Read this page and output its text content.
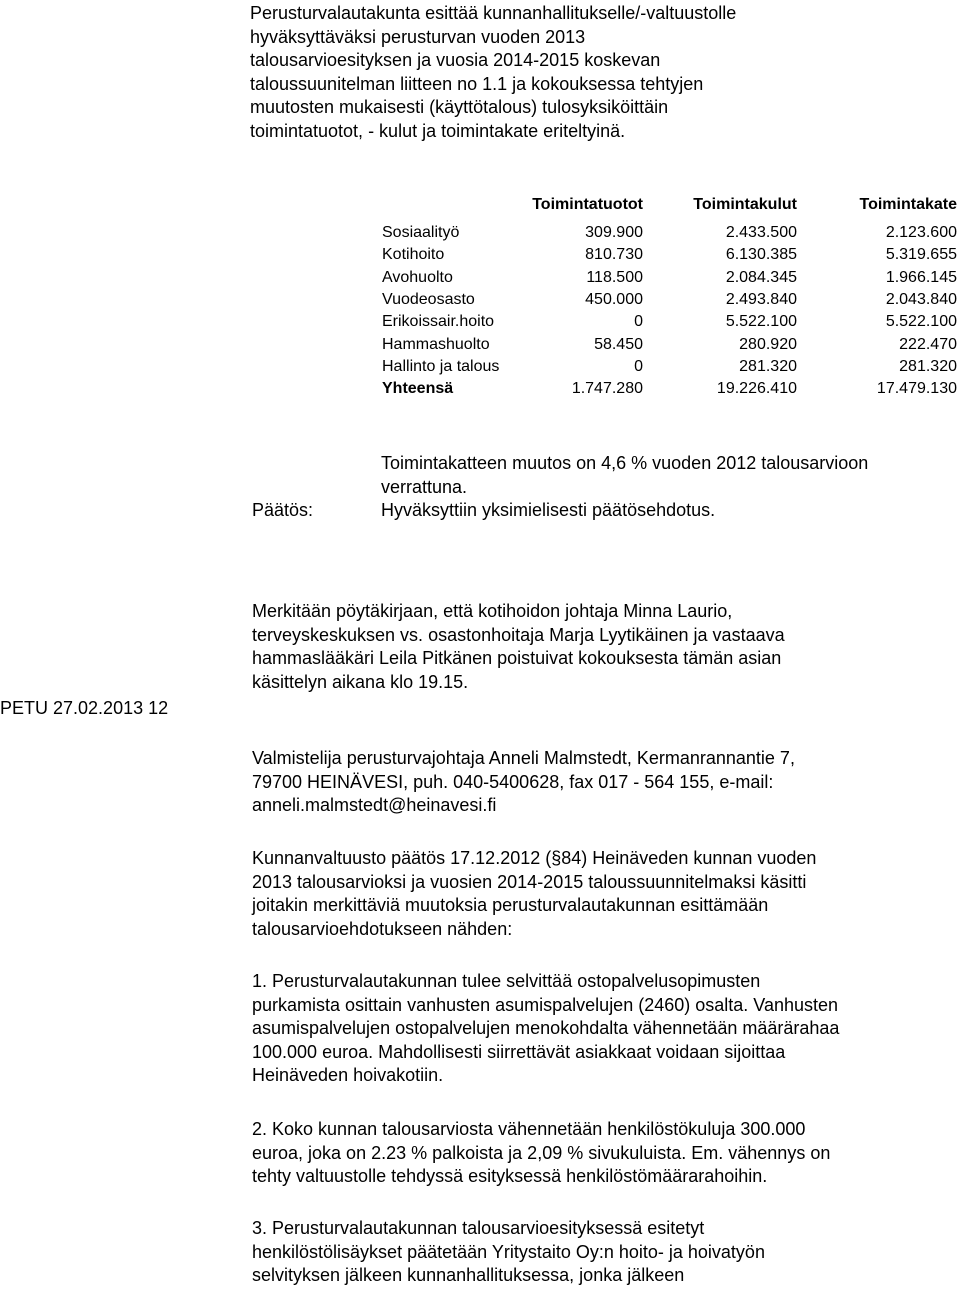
Perusturvalautakunta esittää kunnanhallitukselle/-valtuustolle
hyväksyttäväksi perusturvan vuoden 2013
talousarvioesityksen ja vuosia 2014-2015 koskevan
taloussuunitelman liitteen no 1.1 ja kokouksessa tehtyjen
muutosten mukaisesti (käyttötalous) tulosyksiköittäin
toimintatuotot, - kulut ja toimintakate eriteltyinä.
	Toimintatuotot	Toimintakulut	Toimintakate
Sosiaalityö	309.900	2.433.500	2.123.600
Kotihoito	810.730	6.130.385	5.319.655
Avohuolto	118.500	2.084.345	1.966.145
Vuodeosasto	450.000	2.493.840	2.043.840
Erikoissair.hoito	0	5.522.100	5.522.100
Hammashuolto	58.450	280.920	222.470
Hallinto ja talous	0	281.320	281.320
Yhteensä	1.747.280	19.226.410	17.479.130
Toimintakatteen muutos on 4,6 % vuoden 2012 talousarvioon
verrattuna.
Päätös:	Hyväksyttiin yksimielisesti päätösehdotus.
Merkitään pöytäkirjaan, että kotihoidon johtaja Minna Laurio,
terveyskeskuksen vs. osastonhoitaja Marja Lyytikäinen ja vastaava
hammaslääkäri Leila Pitkänen poistuivat kokouksesta tämän asian
käsittelyn aikana klo 19.15.
PETU 27.02.2013 12
Valmistelija perusturvajohtaja Anneli Malmstedt, Kermanrannantie 7,
79700 HEINÄVESI, puh. 040-5400628, fax 017 - 564 155, e-mail:
anneli.malmstedt@heinavesi.fi
Kunnanvaltuusto päätös 17.12.2012 (§84) Heinäveden kunnan vuoden
2013 talousarvioksi ja vuosien 2014-2015 taloussuunnitelmaksi käsitti
joitakin merkittäviä muutoksia perusturvalautakunnan esittämään
talousarvioehdotukseen nähden:
1. Perusturvalautakunnan tulee selvittää ostopalvelusopimusten
purkamista osittain vanhusten asumispalvelujen (2460) osalta. Vanhusten
asumispalvelujen ostopalvelujen menokohdalta vähennetään määrärahaa
100.000 euroa. Mahdollisesti siirrettävät asiakkaat voidaan sijoittaa
Heinäveden hoivakotiin.
2. Koko kunnan talousarviosta vähennetään henkilöstökuluja 300.000
euroa, joka on 2.23 % palkoista ja 2,09 % sivukuluista. Em. vähennys on
tehty valtuustolle tehdyssä esityksessä henkilöstömäärarahoihin.
3. Perusturvalautakunnan talousarvioesityksessä esitetyt
henkilöstölisäykset päätetään Yritystaito Oy:n hoito- ja hoivatyön
selvityksen jälkeen kunnanhallituksessa, jonka jälkeen
